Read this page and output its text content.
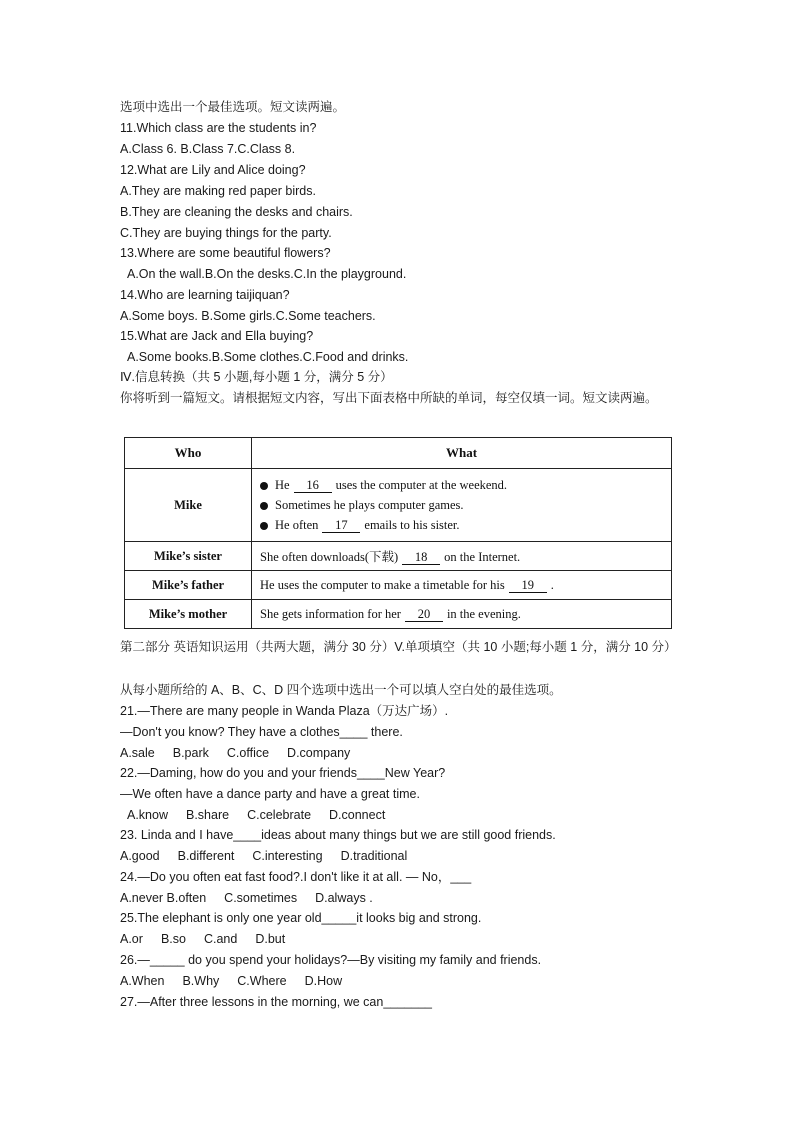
选项中选出一个最佳选项。短文读两遍。
11.Which class are the students in?
A.Class 6. B.Class 7.C.Class 8.
12.What are Lily and Alice doing?
A.They are making red paper birds.
B.They are cleaning the desks and chairs.
C.They are buying things for the party.
13.Where are some beautiful flowers?
A.On the wall.B.On the desks.C.In the playground.
14.Who are learning taijiquan?
A.Some boys. B.Some girls.C.Some teachers.
15.What are Jack and Ella buying?
A.Some books.B.Some clothes.C.Food and drinks.
Ⅳ.信息转换（共 5 小题,每小题 1 分，满分 5 分）
你将听到一篇短文。请根据短文内容，写出下面表格中所缺的单词，每空仅填一词。短文读两遍。
Who	What
Mike	He 16 uses the computer at the weekend.
Sometimes he plays computer games.
He often 17 emails to his sister.

Mike’s sister	She often downloads(下载) 18 on the Internet.
Mike’s father	He uses the computer to make a timetable for his 19 .
Mike’s mother	She gets information for her 20 in the evening.
第二部分 英语知识运用（共两大题，满分 30 分）V.单项填空（共 10 小题;每小题 1 分，满分 10 分）
从每小题所给的 A、B、C、D 四个选项中选出一个可以填人空白处的最佳选项。
21.—There are many people in Wanda Plaza（万达广场）.
—Don't you know? They have a clothes____ there.
A.sale B.park C.office D.company
22.—Daming, how do you and your friends____New Year?
—We often have a dance party and have a great time.
A.know B.share C.celebrate D.connect
23. Linda and I have____ideas about many things but we are still good friends.
A.good B.different C.interesting D.traditional
24.—Do you often eat fast food?.I don't like it at all. — No，___
A.never B.often C.sometimes D.always .
25.The elephant is only one year old_____it looks big and strong.
A.or B.so C.and D.but
26.—_____ do you spend your holidays?—By visiting my family and friends.
A.When B.Why C.Where D.How
27.—After three lessons in the morning, we can_______
